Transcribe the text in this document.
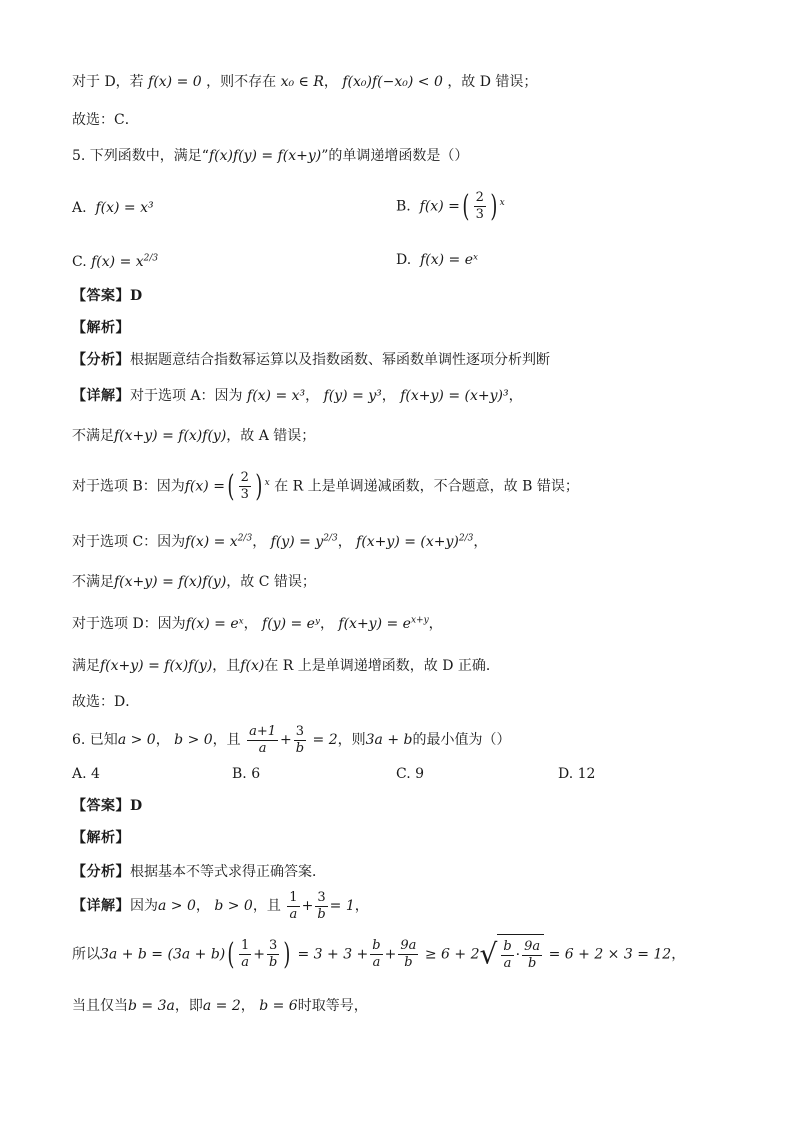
对于 D，若 f(x) = 0 ，则不存在 x₀ ∈ R， f(x₀)f(−x₀) < 0 ，故 D 错误；
故选：C．
5. 下列函数中，满足“f(x)f(y) = f(x+y)”的单调递增函数是（）
A. f(x) = x³	B. f(x) =( $\frac{2}{3}$ ) $^x$
C. $f(x) = x^{2/3}$	D. f(x) = eˣ
【答案】D
【解析】
【分析】根据题意结合指数幂运算以及指数函数、幂函数单调性逐项分析判断
【详解】对于选项 A：因为 f(x) = x³， f(y) = y³， f(x+y) = (x+y)³，
不满足f(x+y) = f(x)f(y)，故 A 错误；
对于选项 B：因为f(x) =( $\frac{2}{3}$ ) $^x$ 在 R 上是单调递减函数，不合题意，故 B 错误；
对于选项 C：因为$f(x) = x^{2/3}$， $f(y) = y^{2/3}$， $f(x+y) = (x+y)^{2/3}$，
不满足f(x+y) = f(x)f(y)，故 C 错误；
对于选项 D：因为f(x) = eˣ， f(y) = eʸ， $f(x+y) = e^{x+y}$，
满足f(x+y) = f(x)f(y)，且f(x)在 R 上是单调递增函数，故 D 正确．
故选：D．
6. 已知a > 0， b > 0，且 $\frac{a+1}{a} + \frac{3}{b} = 2$，则3a + b的最小值为（）
A. 4	B. 6	C. 9	D. 12
【答案】D
【解析】
【分析】根据基本不等式求得正确答案．
【详解】因为a > 0， b > 0，且 $\frac{1}{a} + \frac{3}{b} = 1$，
所以$3a + b = (3a + b)( \frac{1}{a} + \frac{3}{b}$ ) = $3 + 3 + \frac{b}{a} + \frac{9a}{b} \ge 6 + 2√ \frac{b}{a} \cdot \frac{9a}{b} = 6 + 2 \times 3 = 12$，
当且仅当b = 3a，即a = 2， b = 6时取等号，
